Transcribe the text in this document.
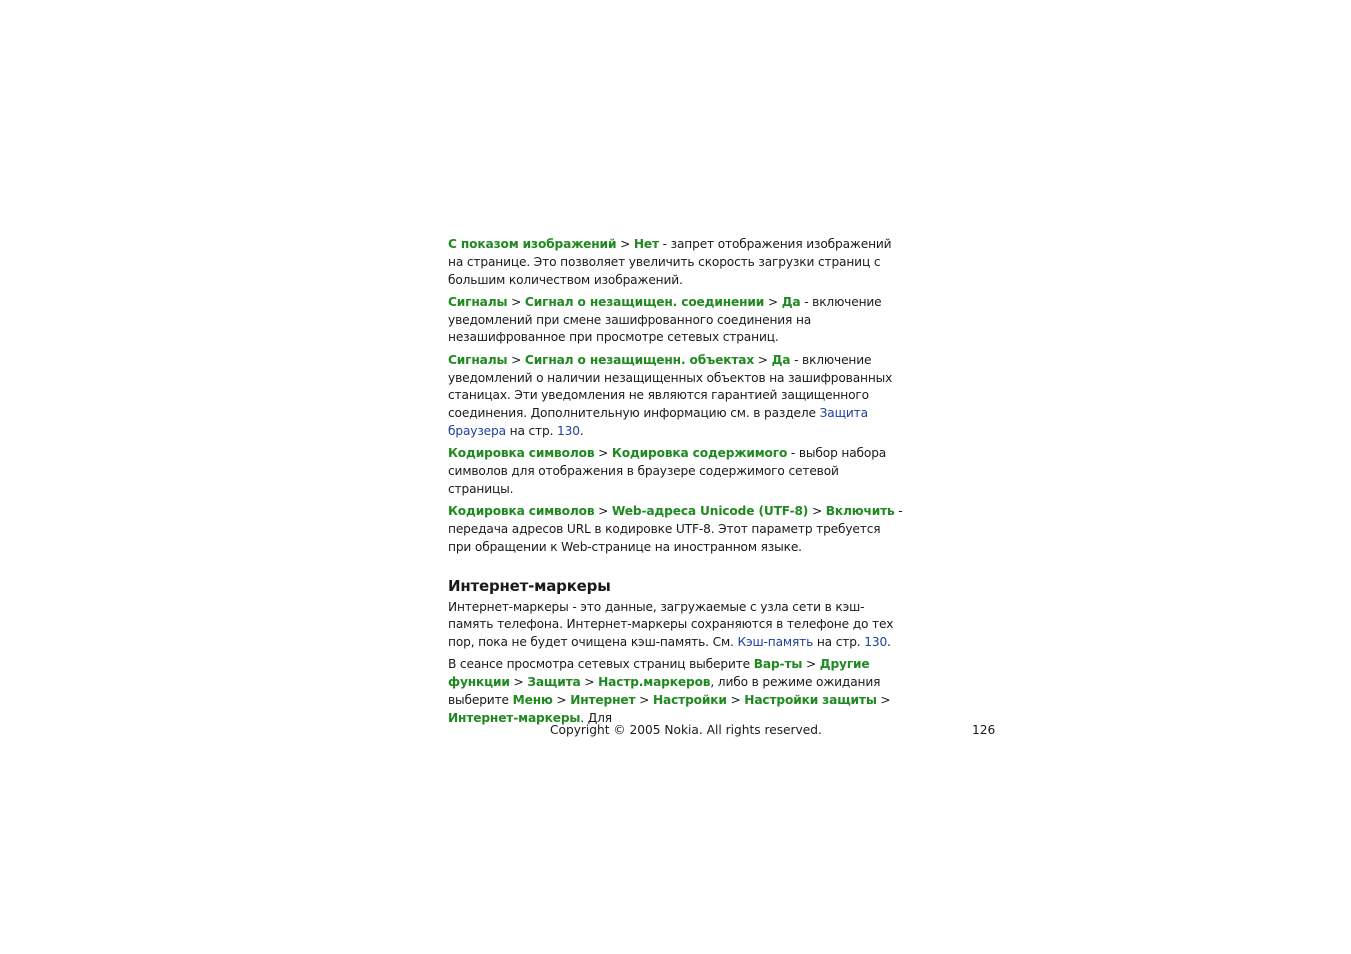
С показом изображений > Нет - запрет отображения изображений на странице. Это позволяет увеличить скорость загрузки страниц с большим количеством изображений.

Сигналы > Сигнал о незащищен. соединении > Да - включение уведомлений при смене зашифрованного соединения на незашифрованное при просмотре сетевых страниц.

Сигналы > Сигнал о незащищенн. объектах > Да - включение уведомлений о наличии незащищенных объектов на зашифрованных станицах. Эти уведомления не являются гарантией защищенного соединения. Дополнительную информацию см. в разделе Защита браузера на стр. 130.

Кодировка символов > Кодировка содержимого - выбор набора символов для отображения в браузере содержимого сетевой страницы.

Кодировка символов > Web-адреса Unicode (UTF-8) > Включить - передача адресов URL в кодировке UTF-8. Этот параметр требуется при обращении к Web-странице на иностранном языке.

Интернет-маркеры

Интернет-маркеры - это данные, загружаемые с узла сети в кэш-память телефона. Интернет-маркеры сохраняются в телефоне до тех пор, пока не будет очищена кэш-память. См. Кэш-память на стр. 130.

В сеансе просмотра сетевых страниц выберите Вар-ты > Другие функции > Защита > Настр.маркеров, либо в режиме ожидания выберите Меню > Интернет > Настройки > Настройки защиты > Интернет-маркеры. Для

Copyright © 2005 Nokia. All rights reserved.	126
